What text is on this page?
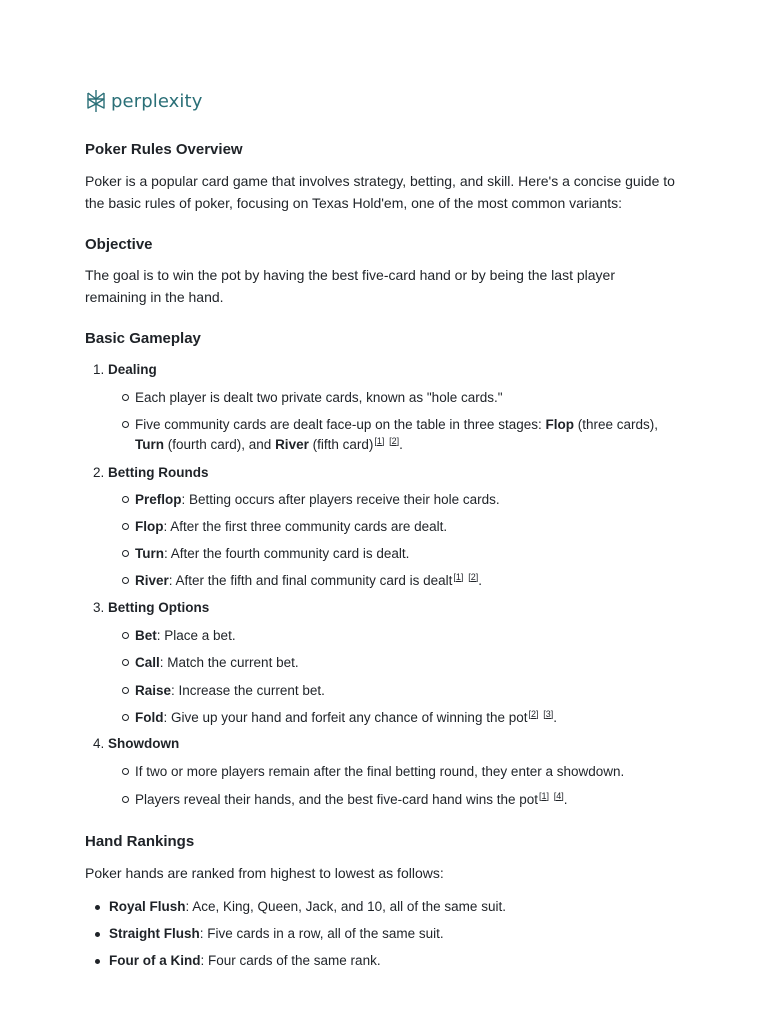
perplexity
Poker Rules Overview
Poker is a popular card game that involves strategy, betting, and skill. Here's a concise guide to
the basic rules of poker, focusing on Texas Hold'em, one of the most common variants:
Objective
The goal is to win the pot by having the best five-card hand or by being the last player
remaining in the hand.
Basic Gameplay
1. Dealing
Each player is dealt two private cards, known as "hole cards."
Five community cards are dealt face-up on the table in three stages: Flop (three cards),
Turn (fourth card), and River (fifth card)[1] [2].
2. Betting Rounds
Preflop: Betting occurs after players receive their hole cards.
Flop: After the first three community cards are dealt.
Turn: After the fourth community card is dealt.
River: After the fifth and final community card is dealt[1] [2].
3. Betting Options
Bet: Place a bet.
Call: Match the current bet.
Raise: Increase the current bet.
Fold: Give up your hand and forfeit any chance of winning the pot[2] [3].
4. Showdown
If two or more players remain after the final betting round, they enter a showdown.
Players reveal their hands, and the best five-card hand wins the pot[1] [4].
Hand Rankings
Poker hands are ranked from highest to lowest as follows:
Royal Flush: Ace, King, Queen, Jack, and 10, all of the same suit.
Straight Flush: Five cards in a row, all of the same suit.
Four of a Kind: Four cards of the same rank.
